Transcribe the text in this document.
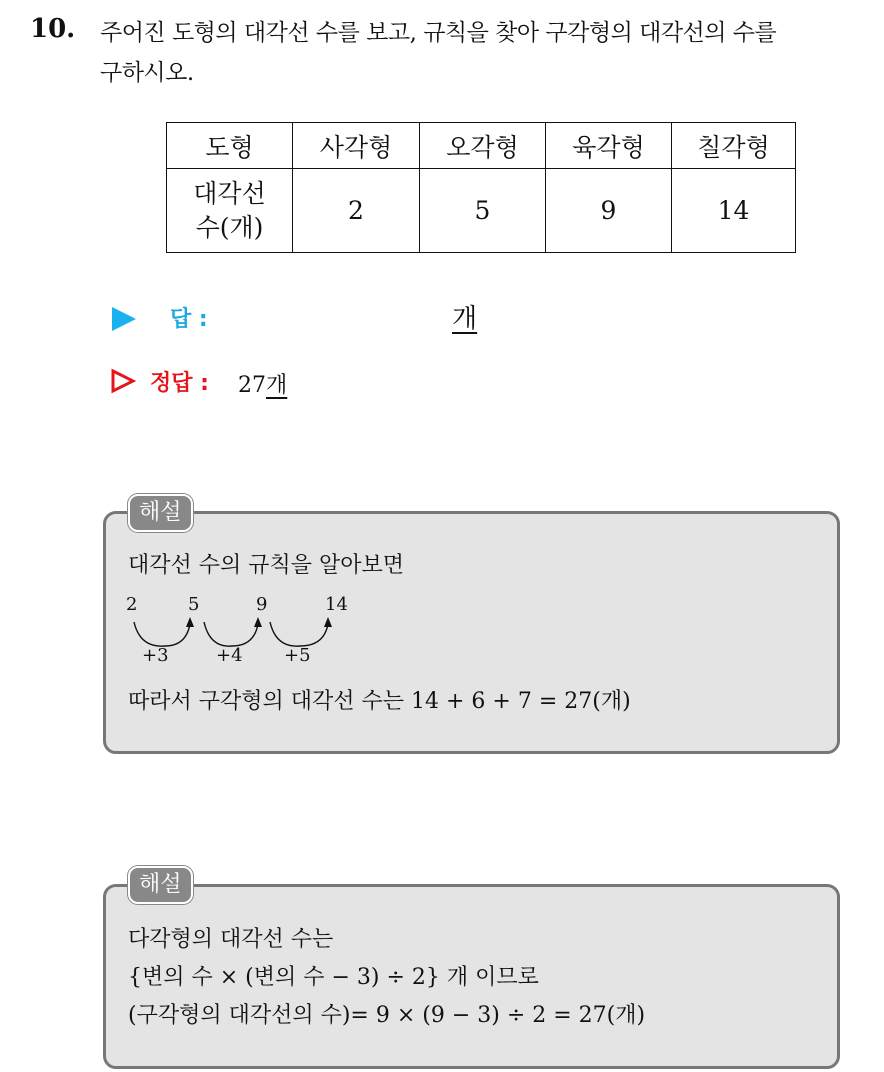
10. 주어진 도형의 대각선 수를 보고, 규칙을 찾아 구각형의 대각선의 수를
구하시오.
도형	사각형	오각형	육각형	칠각형

대각선
수(개)	2	5	9	14
답 :	개
정답 : 27개
해설
대각선 수의 규칙을 알아보면
2	5	9	14
+3	+4 +5
따라서 구각형의 대각선 수는 14 + 6 + 7 = 27(개)
해설
다각형의 대각선 수는
{변의 수 × (변의 수 − 3) ÷ 2} 개 이므로
(구각형의 대각선의 수)= 9 × (9 − 3) ÷ 2 = 27(개)
